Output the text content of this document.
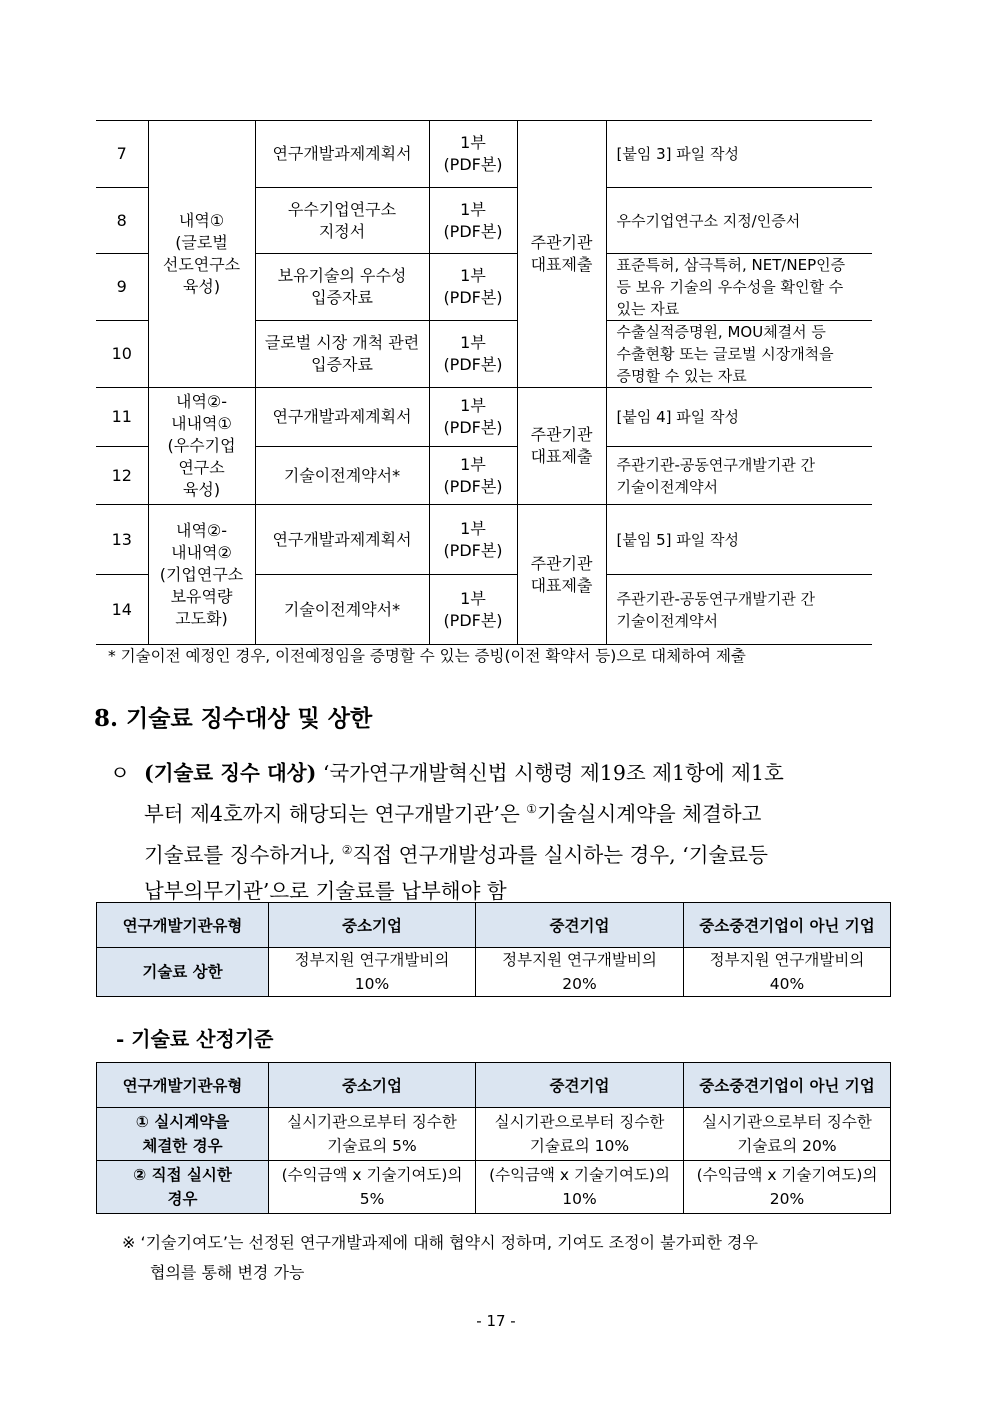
7	내역①
(글로벌
선도연구소
육성)	연구개발과제계획서	1부
(PDF본)	주관기관
대표제출	[붙임 3] 파일 작성

8		우수기업연구소
지정서	1부
(PDF본)		우수기업연구소 지정/인증서

9		보유기술의 우수성
입증자료	1부
(PDF본)		표준특허, 삼극특허, NET/NEP인증
등 보유 기술의 우수성을 확인할 수
있는 자료

10		글로벌 시장 개척 관련
입증자료	1부
(PDF본)		수출실적증명원, MOU체결서 등
수출현황 또는 글로벌 시장개척을
증명할 수 있는 자료

11	내역②-
내내역①
(우수기업
연구소
육성)	연구개발과제계획서	1부
(PDF본)	주관기관
대표제출	[붙임 4] 파일 작성

12		기술이전계약서*	1부
(PDF본)		주관기관-공동연구개발기관 간
기술이전계약서

13	내역②-
내내역②
(기업연구소
보유역량
고도화)	연구개발과제계획서	1부
(PDF본)	주관기관
대표제출	[붙임 5] 파일 작성

14		기술이전계약서*	1부
(PDF본)		주관기관-공동연구개발기관 간
기술이전계약서
* 기술이전 예정인 경우, 이전예정임을 증명할 수 있는 증빙(이전 확약서 등)으로 대체하여 제출
8. 기술료 징수대상 및 상한
ㅇ (기술료 징수 대상) ‘국가연구개발혁신법 시행령 제19조 제1항에 제1호
부터 제4호까지 해당되는 연구개발기관’은 ①기술실시계약을 체결하고
기술료를 징수하거나, ②직접 연구개발성과를 실시하는 경우, ‘기술료등
납부의무기관’으로 기술료를 납부해야 함
연구개발기관유형	중소기업	중견기업	중소중견기업이 아닌 기업
기술료 상한	정부지원 연구개발비의
10%	정부지원 연구개발비의
20%	정부지원 연구개발비의
40%
- 기술료 산정기준
연구개발기관유형	중소기업	중견기업	중소중견기업이 아닌 기업

① 실시계약을
체결한 경우	실시기관으로부터 징수한
기술료의 5%	실시기관으로부터 징수한
기술료의 10%	실시기관으로부터 징수한
기술료의 20%

② 직접 실시한
경우	(수익금액 x 기술기여도)의
5%	(수익금액 x 기술기여도)의
10%	(수익금액 x 기술기여도)의
20%
※ ‘기술기여도’는 선정된 연구개발과제에 대해 협약시 정하며, 기여도 조정이 불가피한 경우
협의를 통해 변경 가능
- 17 -
